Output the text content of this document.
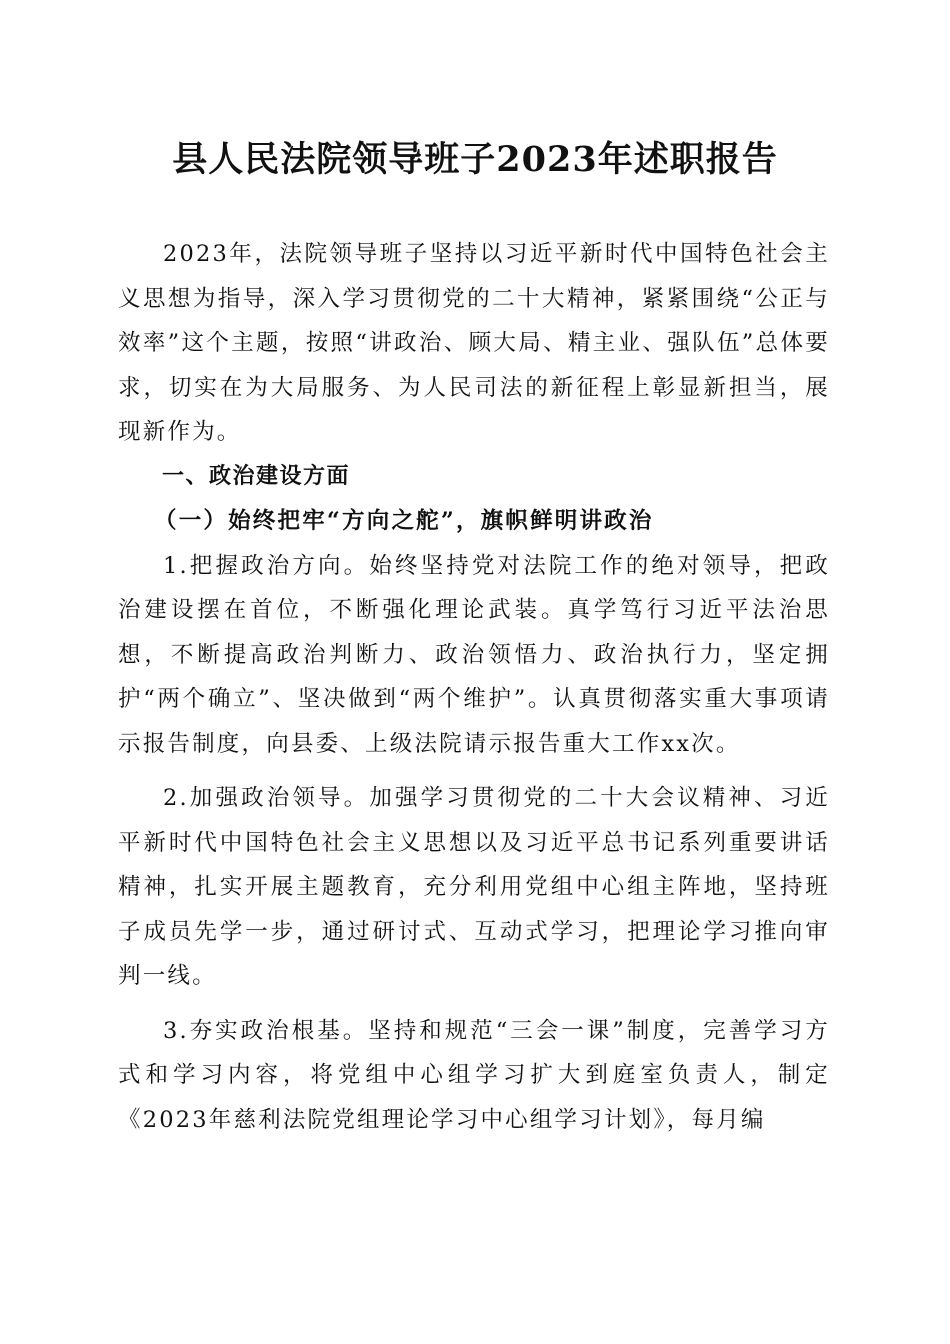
县人民法院领导班子2023年述职报告

2023年，法院领导班子坚持以习近平新时代中国特色社会主义思想为指导，深入学习贯彻党的二十大精神，紧紧围绕“公正与效率”这个主题，按照“讲政治、顾大局、精主业、强队伍”总体要求，切实在为大局服务、为人民司法的新征程上彰显新担当，展现新作为。

一、政治建设方面

（一）始终把牢“方向之舵”，旗帜鲜明讲政治

1.把握政治方向。始终坚持党对法院工作的绝对领导，把政治建设摆在首位，不断强化理论武装。真学笃行习近平法治思想，不断提高政治判断力、政治领悟力、政治执行力，坚定拥护“两个确立”、坚决做到“两个维护”。认真贯彻落实重大事项请示报告制度，向县委、上级法院请示报告重大工作xx次。

2.加强政治领导。加强学习贯彻党的二十大会议精神、习近平新时代中国特色社会主义思想以及习近平总书记系列重要讲话精神，扎实开展主题教育，充分利用党组中心组主阵地，坚持班子成员先学一步，通过研讨式、互动式学习，把理论学习推向审判一线。

3.夯实政治根基。坚持和规范“三会一课”制度，完善学习方式和学习内容，将党组中心组学习扩大到庭室负责人，制定《2023年慈利法院党组理论学习中心组学习计划》，每月编
